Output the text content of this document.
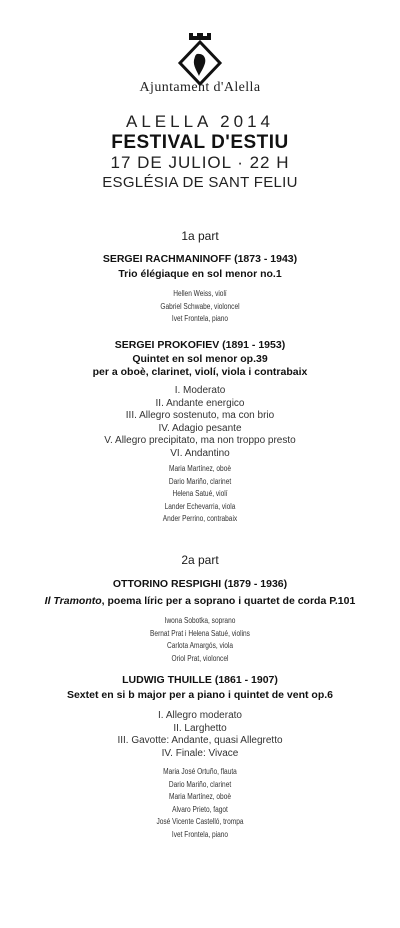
Ajuntament d'Alella
ALELLA 2014
FESTIVAL D'ESTIU
17 DE JULIOL · 22 H
ESGLÉSIA DE SANT FELIU
1a part
SERGEI RACHMANINOFF (1873 - 1943)
Trio élégiaque en sol menor no.1
Hellen Weiss, violí
Gabriel Schwabe, violoncel
Ivet Frontela, piano
SERGEI PROKOFIEV (1891 - 1953)
Quintet en sol menor op.39
per a oboè, clarinet, violí, viola i contrabaix
I. Moderato
II. Andante energico
III. Allegro sostenuto, ma con brio
IV. Adagio pesante
V. Allegro precipitato, ma non troppo presto
VI. Andantino
Maria Martínez, oboè
Dario Mariño, clarinet
Helena Satué, violí
Lander Echevarria, viola
Ander Perrino, contrabaix
2a part
OTTORINO RESPIGHI (1879 - 1936)
Il Tramonto, poema líric per a soprano i quartet de corda P.101
Iwona Sobotka, soprano
Bernat Prat i Helena Satué, violins
Carlota Amargós, viola
Oriol Prat, violoncel
LUDWIG THUILLE (1861 - 1907)
Sextet en si b major per a piano i quintet de vent op.6
I. Allegro moderato
II. Larghetto
III. Gavotte: Andante, quasi Allegretto
IV. Finale: Vivace
Maria José Ortuño, flauta
Dario Mariño, clarinet
Maria Martínez, oboè
Alvaro Prieto, fagot
José Vicente Castelló, trompa
Ivet Frontela, piano
